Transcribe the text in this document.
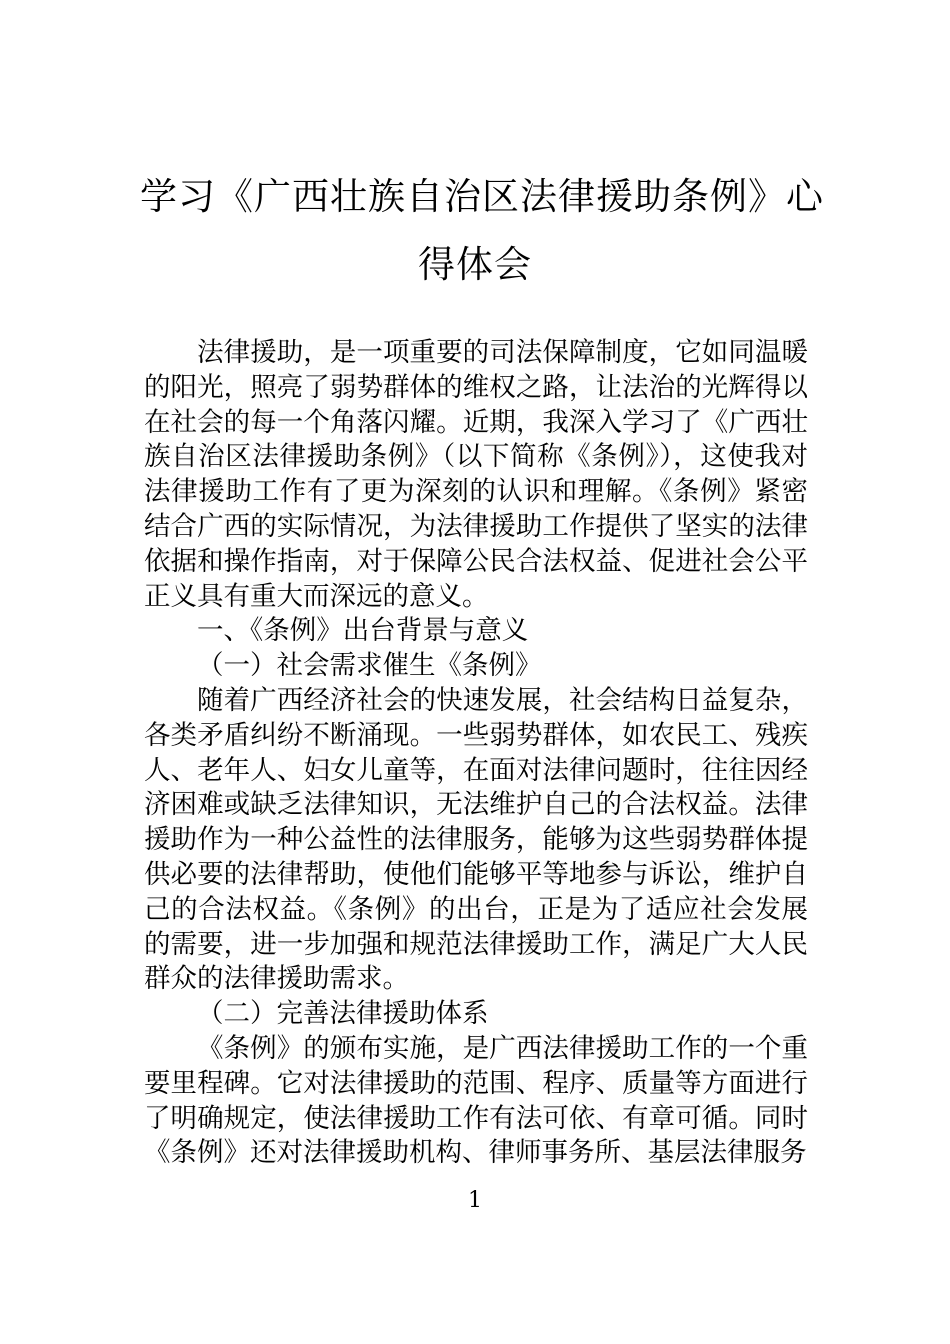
学习《广西壮族自治区法律援助条例》心
得体会

法律援助，是一项重要的司法保障制度，它如同温暖的阳光，照亮了弱势群体的维权之路，让法治的光辉得以在社会的每一个角落闪耀。近期，我深入学习了《广西壮族自治区法律援助条例》（以下简称《条例》），这使我对法律援助工作有了更为深刻的认识和理解。《条例》紧密结合广西的实际情况，为法律援助工作提供了坚实的法律依据和操作指南，对于保障公民合法权益、促进社会公平正义具有重大而深远的意义。

一、《条例》出台背景与意义

（一）社会需求催生《条例》

随着广西经济社会的快速发展，社会结构日益复杂，各类矛盾纠纷不断涌现。一些弱势群体，如农民工、残疾人、老年人、妇女儿童等，在面对法律问题时，往往因经济困难或缺乏法律知识，无法维护自己的合法权益。法律援助作为一种公益性的法律服务，能够为这些弱势群体提供必要的法律帮助，使他们能够平等地参与诉讼，维护自己的合法权益。《条例》的出台，正是为了适应社会发展的需要，进一步加强和规范法律援助工作，满足广大人民群众的法律援助需求。

（二）完善法律援助体系

《条例》的颁布实施，是广西法律援助工作的一个重要里程碑。它对法律援助的范围、程序、质量等方面进行了明确规定，使法律援助工作有法可依、有章可循。同时《条例》还对法律援助机构、律师事务所、基层法律服务

1
